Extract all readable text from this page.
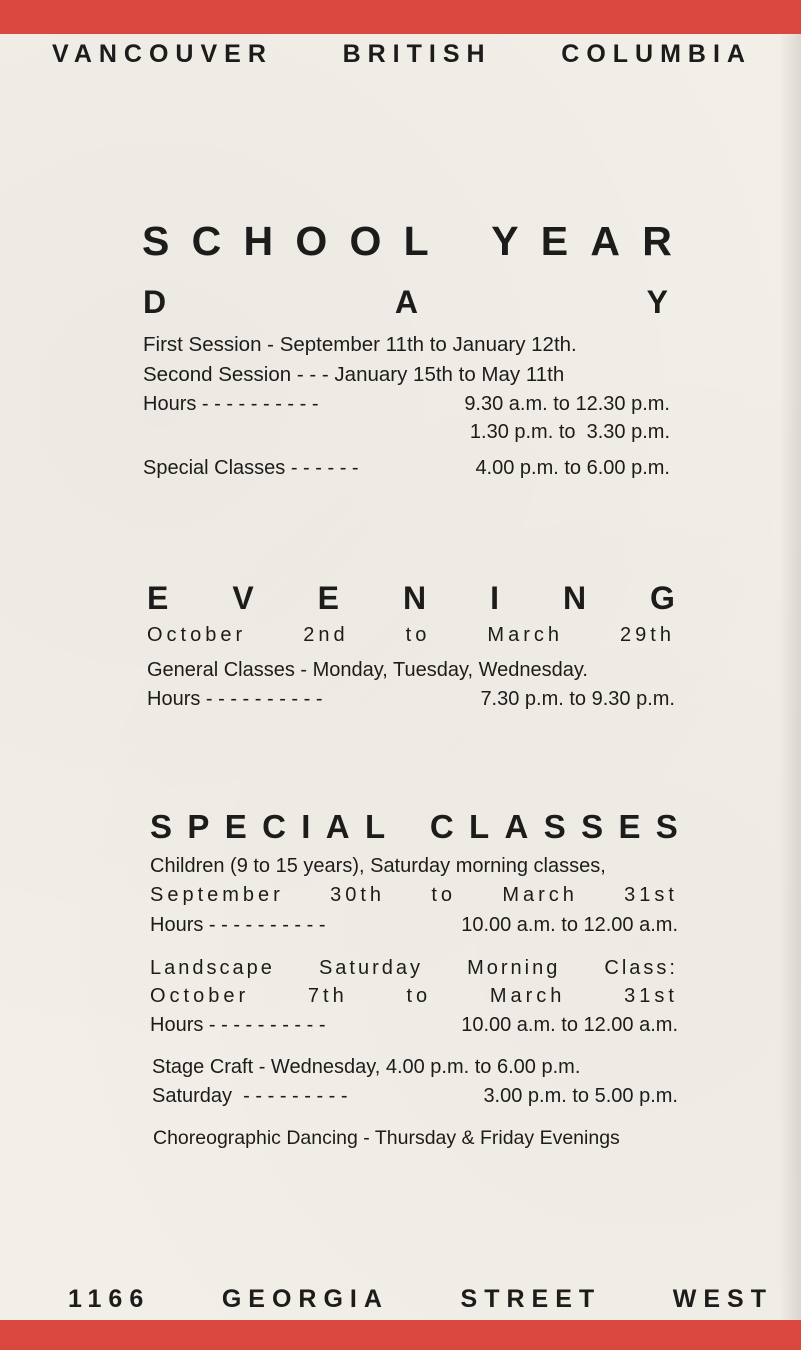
VANCOUVER	BRITISH	COLUMBIA
S C H O O L Y E A R
D	A	Y
First Session - September 11th to January 12th.
Second Session - - - January 15th to May 11th
Hours - - - - - - - - - -	9.30 a.m. to 12.30 p.m.
1.30 p.m. to  3.30 p.m.
Special Classes - - - - - -	4.00 p.m. to 6.00 p.m.
E V E N I N G
October	2nd	to	March	29th
General Classes - Monday, Tuesday, Wednesday.
Hours - - - - - - - - - -	7.30 p.m. to 9.30 p.m.
S P E C I A L C L A S S E S
Children (9 to 15 years), Saturday morning classes,
September 30th to March 31st
Hours - - - - - - - - - -	10.00 a.m. to 12.00 a.m.
Landscape Saturday Morning Class:
October	7th	to	March	31st
Hours - - - - - - - - - -	10.00 a.m. to 12.00 a.m.
Stage Craft - Wednesday, 4.00 p.m. to 6.00 p.m.
Saturday  - - - - - - - - -	3.00 p.m. to 5.00 p.m.
Choreographic Dancing - Thursday & Friday Evenings
1166	GEORGIA	STREET	WEST
